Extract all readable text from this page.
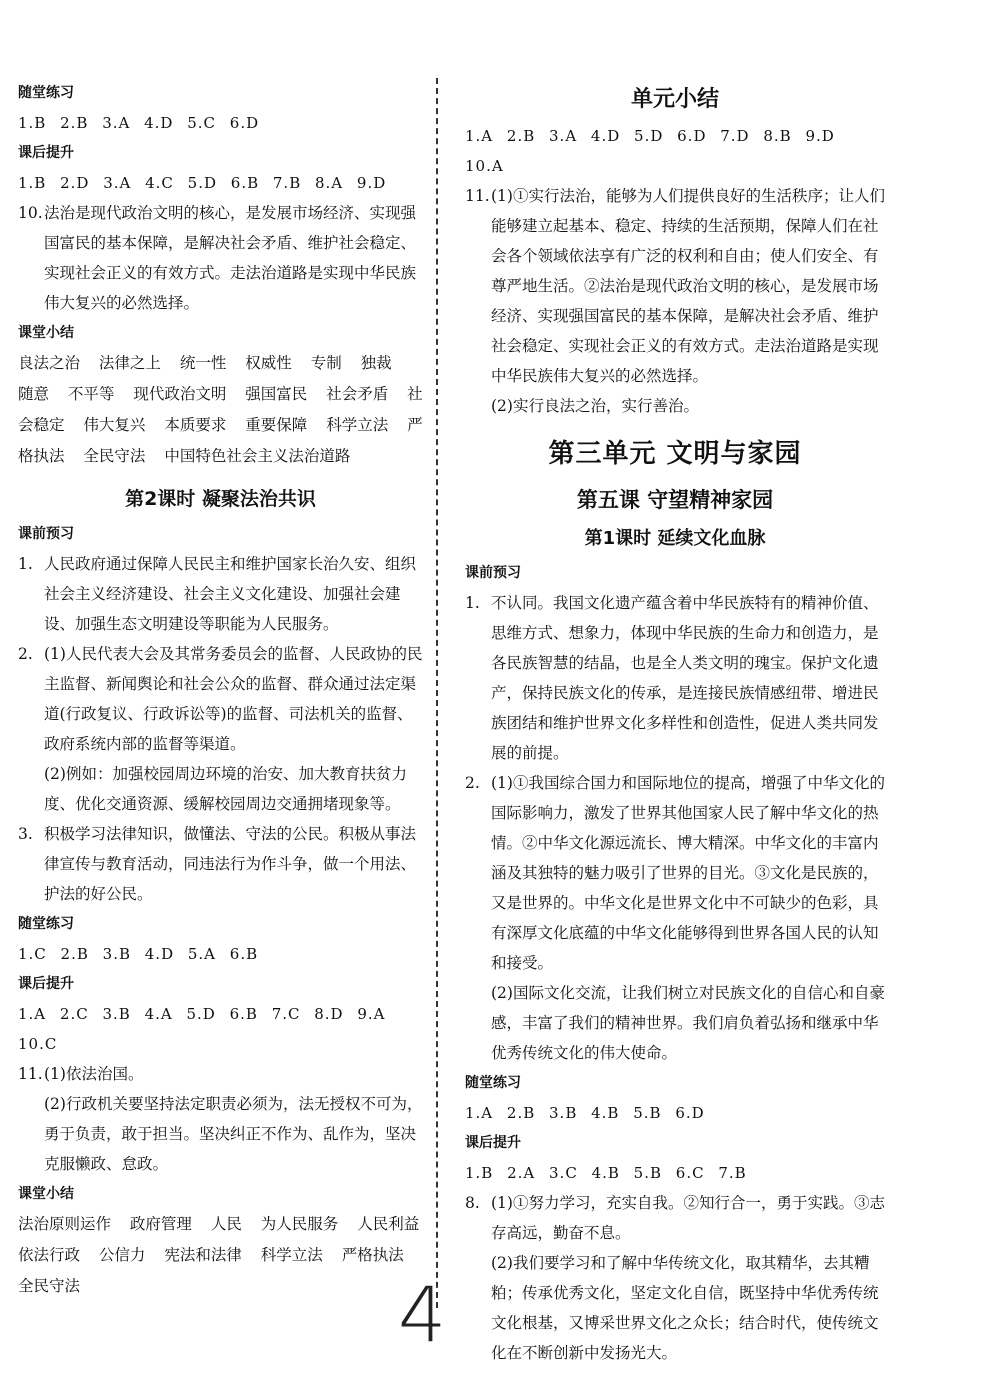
随堂练习
1.B 2.B 3.A 4.D 5.C 6.D
课后提升
1.B 2.D 3.A 4.C 5.D 6.B 7.B 8.A 9.D
10. 法治是现代政治文明的核心，是发展市场经济、实现强国富民的基本保障，是解决社会矛盾、维护社会稳定、实现社会正义的有效方式。走法治道路是实现中华民族伟大复兴的必然选择。
课堂小结
良法之治 法律之上 统一性 权威性 专制 独裁 随意 不平等 现代政治文明 强国富民 社会矛盾 社会稳定 伟大复兴 本质要求 重要保障 科学立法 严格执法 全民守法 中国特色社会主义法治道路
第2课时 凝聚法治共识
课前预习
1. 人民政府通过保障人民民主和维护国家长治久安、组织社会主义经济建设、社会主义文化建设、加强社会建设、加强生态文明建设等职能为人民服务。
2. (1)人民代表大会及其常务委员会的监督、人民政协的民主监督、新闻舆论和社会公众的监督、群众通过法定渠道(行政复议、行政诉讼等)的监督、司法机关的监督、政府系统内部的监督等渠道。
(2)例如：加强校园周边环境的治安、加大教育扶贫力度、优化交通资源、缓解校园周边交通拥堵现象等。
3. 积极学习法律知识，做懂法、守法的公民。积极从事法律宣传与教育活动，同违法行为作斗争，做一个用法、护法的好公民。
随堂练习
1.C 2.B 3.B 4.D 5.A 6.B
课后提升
1.A 2.C 3.B 4.A 5.D 6.B 7.C 8.D 9.A
10.C
11. (1)依法治国。
(2)行政机关要坚持法定职责必须为，法无授权不可为，勇于负责，敢于担当。坚决纠正不作为、乱作为，坚决克服懒政、怠政。
课堂小结
法治原则运作 政府管理 人民 为人民服务 人民利益 依法行政 公信力 宪法和法律 科学立法 严格执法 全民守法
单元小结
1.A 2.B 3.A 4.D 5.D 6.D 7.D 8.B 9.D
10.A
11. (1)①实行法治，能够为人们提供良好的生活秩序；让人们能够建立起基本、稳定、持续的生活预期，保障人们在社会各个领域依法享有广泛的权利和自由；使人们安全、有尊严地生活。②法治是现代政治文明的核心，是发展市场经济、实现强国富民的基本保障，是解决社会矛盾、维护社会稳定、实现社会正义的有效方式。走法治道路是实现中华民族伟大复兴的必然选择。
(2)实行良法之治，实行善治。
第三单元 文明与家园
第五课 守望精神家园
第1课时 延续文化血脉
课前预习
1. 不认同。我国文化遗产蕴含着中华民族特有的精神价值、思维方式、想象力，体现中华民族的生命力和创造力，是各民族智慧的结晶，也是全人类文明的瑰宝。保护文化遗产，保持民族文化的传承，是连接民族情感纽带、增进民族团结和维护世界文化多样性和创造性，促进人类共同发展的前提。
2. (1)①我国综合国力和国际地位的提高，增强了中华文化的国际影响力，激发了世界其他国家人民了解中华文化的热情。②中华文化源远流长、博大精深。中华文化的丰富内涵及其独特的魅力吸引了世界的目光。③文化是民族的，又是世界的。中华文化是世界文化中不可缺少的色彩，具有深厚文化底蕴的中华文化能够得到世界各国人民的认知和接受。
(2)国际文化交流，让我们树立对民族文化的自信心和自豪感，丰富了我们的精神世界。我们肩负着弘扬和继承中华优秀传统文化的伟大使命。
随堂练习
1.A 2.B 3.B 4.B 5.B 6.D
课后提升
1.B 2.A 3.C 4.B 5.B 6.C 7.B
8. (1)①努力学习，充实自我。②知行合一，勇于实践。③志存高远，勤奋不息。
(2)我们要学习和了解中华传统文化，取其精华，去其糟粕；传承优秀文化，坚定文化自信，既坚持中华优秀传统文化根基，又博采世界文化之众长；结合时代，使传统文化在不断创新中发扬光大。
4
